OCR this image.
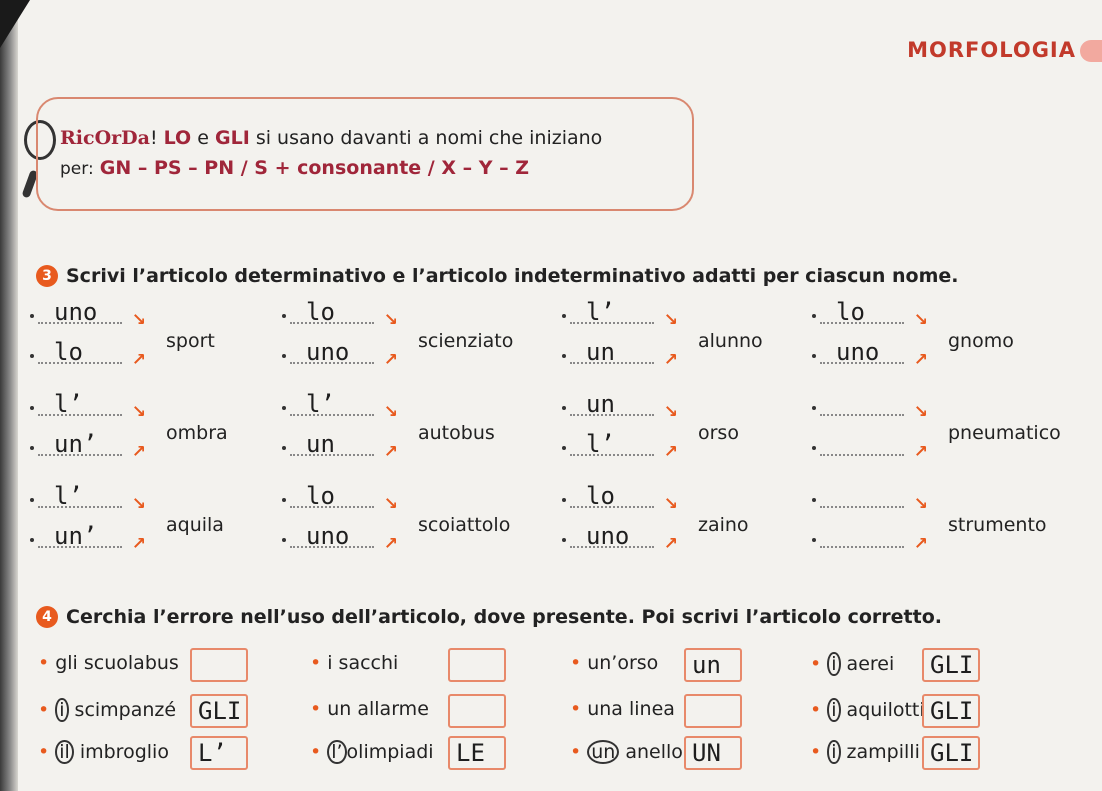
MORFOLOGIA
RicOrDa! LO e GLI si usano davanti a nomi che iniziano
per: GN – PS – PN / S + consonante / X – Y – Z
3 Scrivi l’articolo determinativo e l’articolo indeterminativo adatti per ciascun nome.
uno ↘
lo	↗
sport
lo	↘
uno ↗
scienziato
l’	↘
un	↗
alunno
lo	↘
uno ↗
gnomo
l’	↘
un’ ↗
ombra
l’	↘
un	↗
autobus
un	↘
l’	↗
orso
↘
↗
pneumatico
l’	↘
un’ ↗
aquila
lo	↘
uno ↗
scoiattolo
lo	↘
uno ↗
zaino
↘
↗
strumento
4 Cerchia l’errore nell’uso dell’articolo, dove presente. Poi scrivi l’articolo corretto.
• gli scuolabus	• i sacchi	• un’orso un	• i aerei GLI
• i scimpanzé GLI	• un allarme	• una linea	• i aquilotti GLI
• il imbroglio L’	• l’ olimpiadi LE	• un anello UN	• i zampilli GLI
